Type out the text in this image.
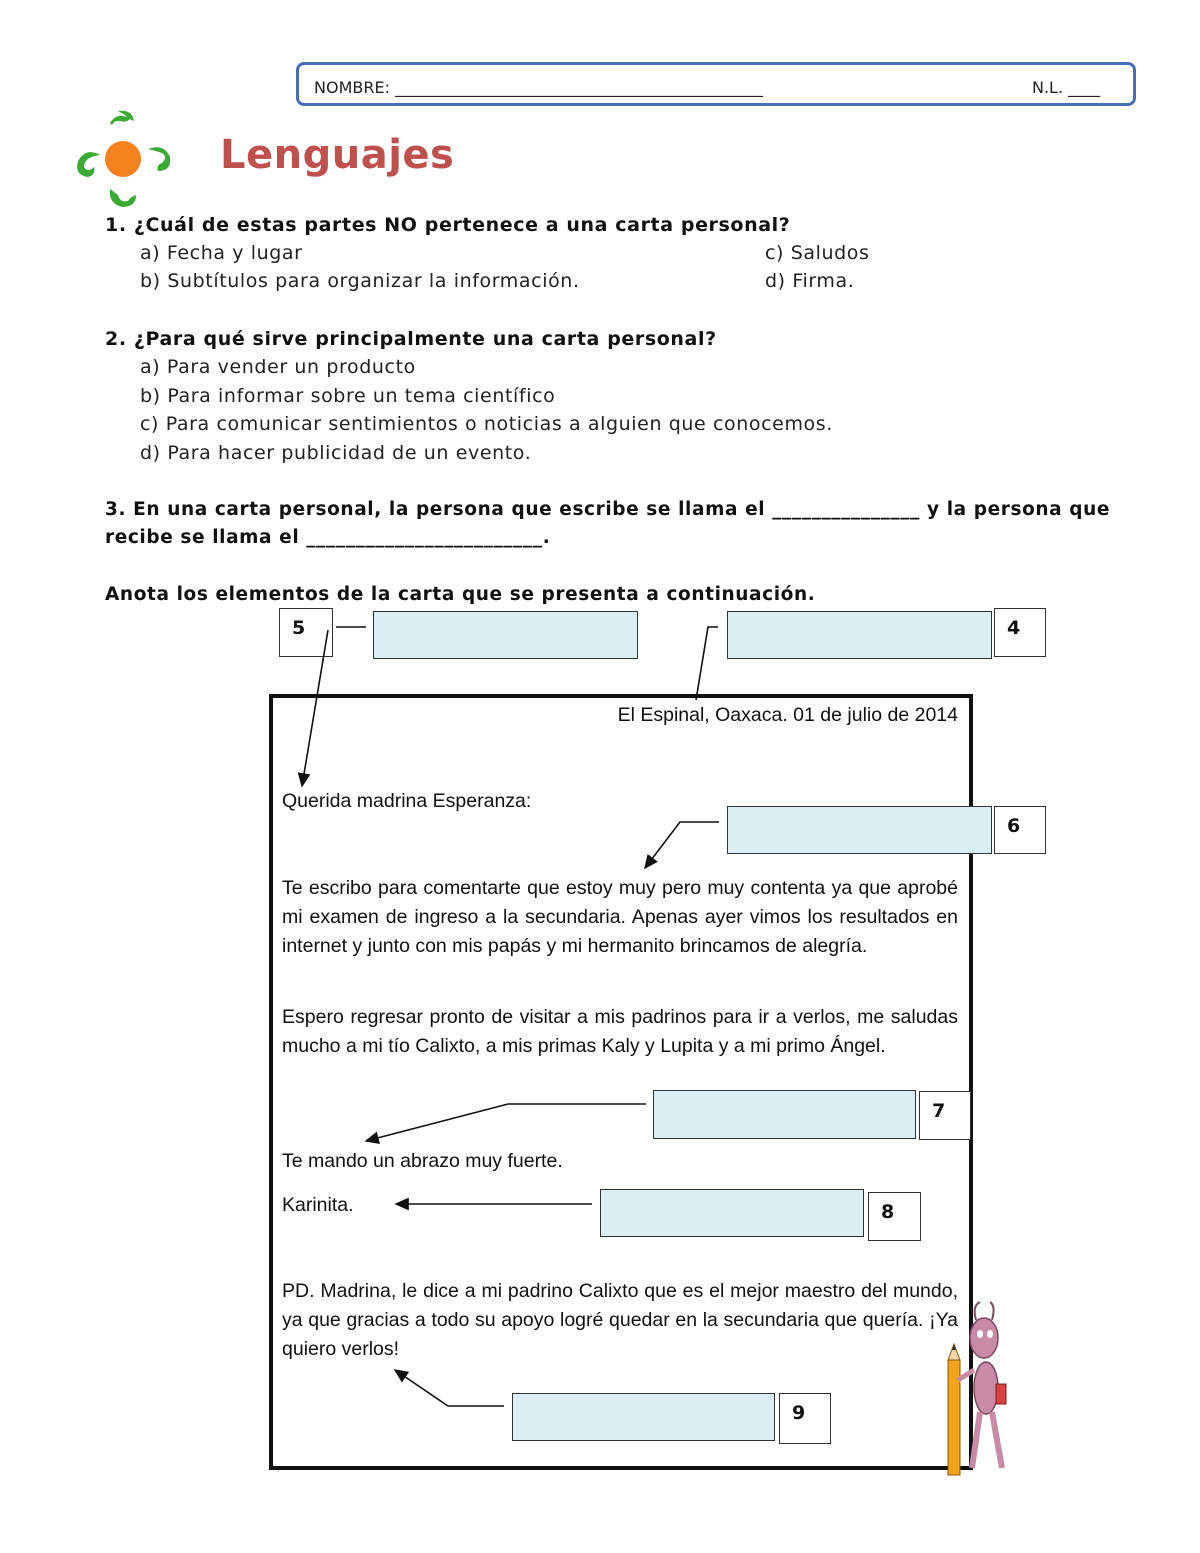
NOMBRE: ______________________________________________	N.L. ____
Lenguajes
1. ¿Cuál de estas partes NO pertenece a una carta personal?
a) Fecha y lugar
b) Subtítulos para organizar la información.
c) Saludos
d) Firma.
2. ¿Para qué sirve principalmente una carta personal?
a) Para vender un producto
b) Para informar sobre un tema científico
c) Para comunicar sentimientos o noticias a alguien que conocemos.
d) Para hacer publicidad de un evento.
3. En una carta personal, la persona que escribe se llama el _______________ y la persona que
recibe se llama el ________________________.
Anota los elementos de la carta que se presenta a continuación.
El Espinal, Oaxaca. 01 de julio de 2014
Querida madrina Esperanza:
Te escribo para comentarte que estoy muy pero muy contenta ya que aprobé mi examen de ingreso a la secundaria. Apenas ayer vimos los resultados en internet y junto con mis papás y mi hermanito brincamos de alegría.
Espero regresar pronto de visitar a mis padrinos para ir a verlos, me saludas mucho a mi tío Calixto, a mis primas Kaly y Lupita y a mi primo Ángel.
Te mando un abrazo muy fuerte.
Karinita.
PD. Madrina, le dice a mi padrino Calixto que es el mejor maestro del mundo, ya que gracias a todo su apoyo logré quedar en la secundaria que quería. ¡Ya quiero verlos!
5	4
6
7
8
9
